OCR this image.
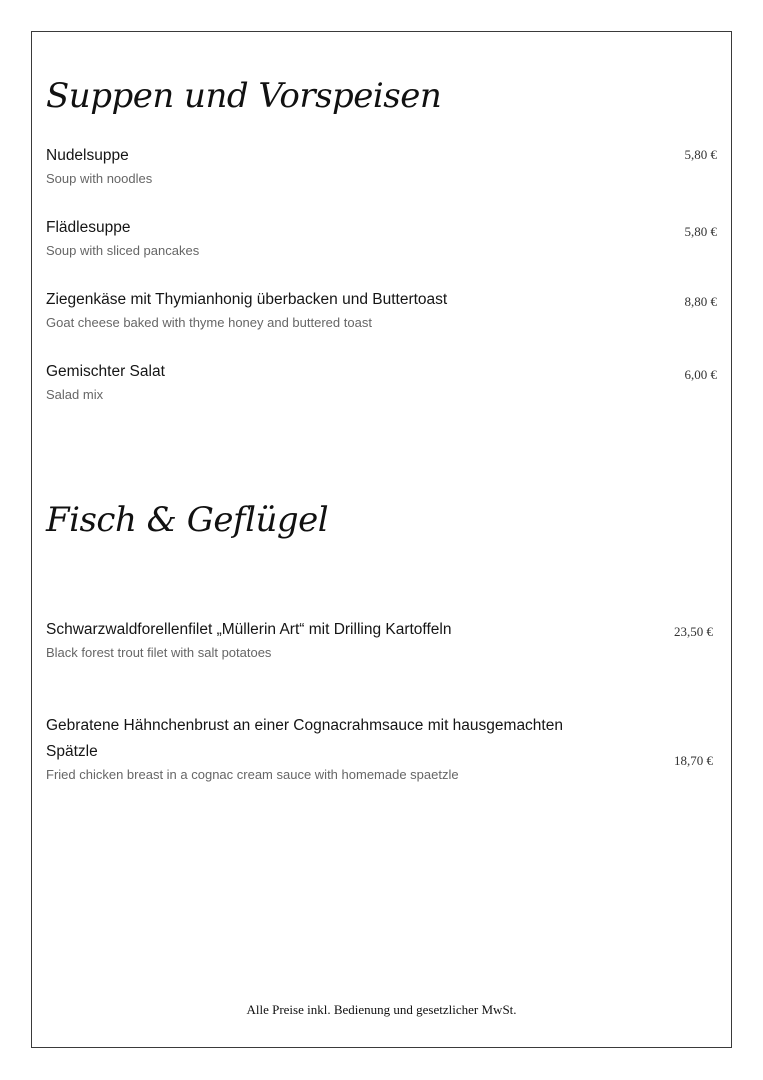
Suppen und Vorspeisen
Nudelsuppe
Soup with noodles
5,80 €
Flädlesuppe
Soup with sliced pancakes
5,80 €
Ziegenkäse mit Thymianhonig überbacken und Buttertoast
Goat cheese baked with thyme honey and buttered toast
8,80 €
Gemischter Salat
Salad mix
6,00 €
Fisch & Geflügel
Schwarzwaldforellenfilet „Müllerin Art“ mit Drilling Kartoffeln
Black forest trout filet with salt potatoes
23,50 €
Gebratene Hähnchenbrust an einer Cognacrahmsauce mit hausgemachten Spätzle
Fried chicken breast in a cognac cream sauce with homemade spaetzle
18,70 €
Alle Preise inkl. Bedienung und gesetzlicher MwSt.
